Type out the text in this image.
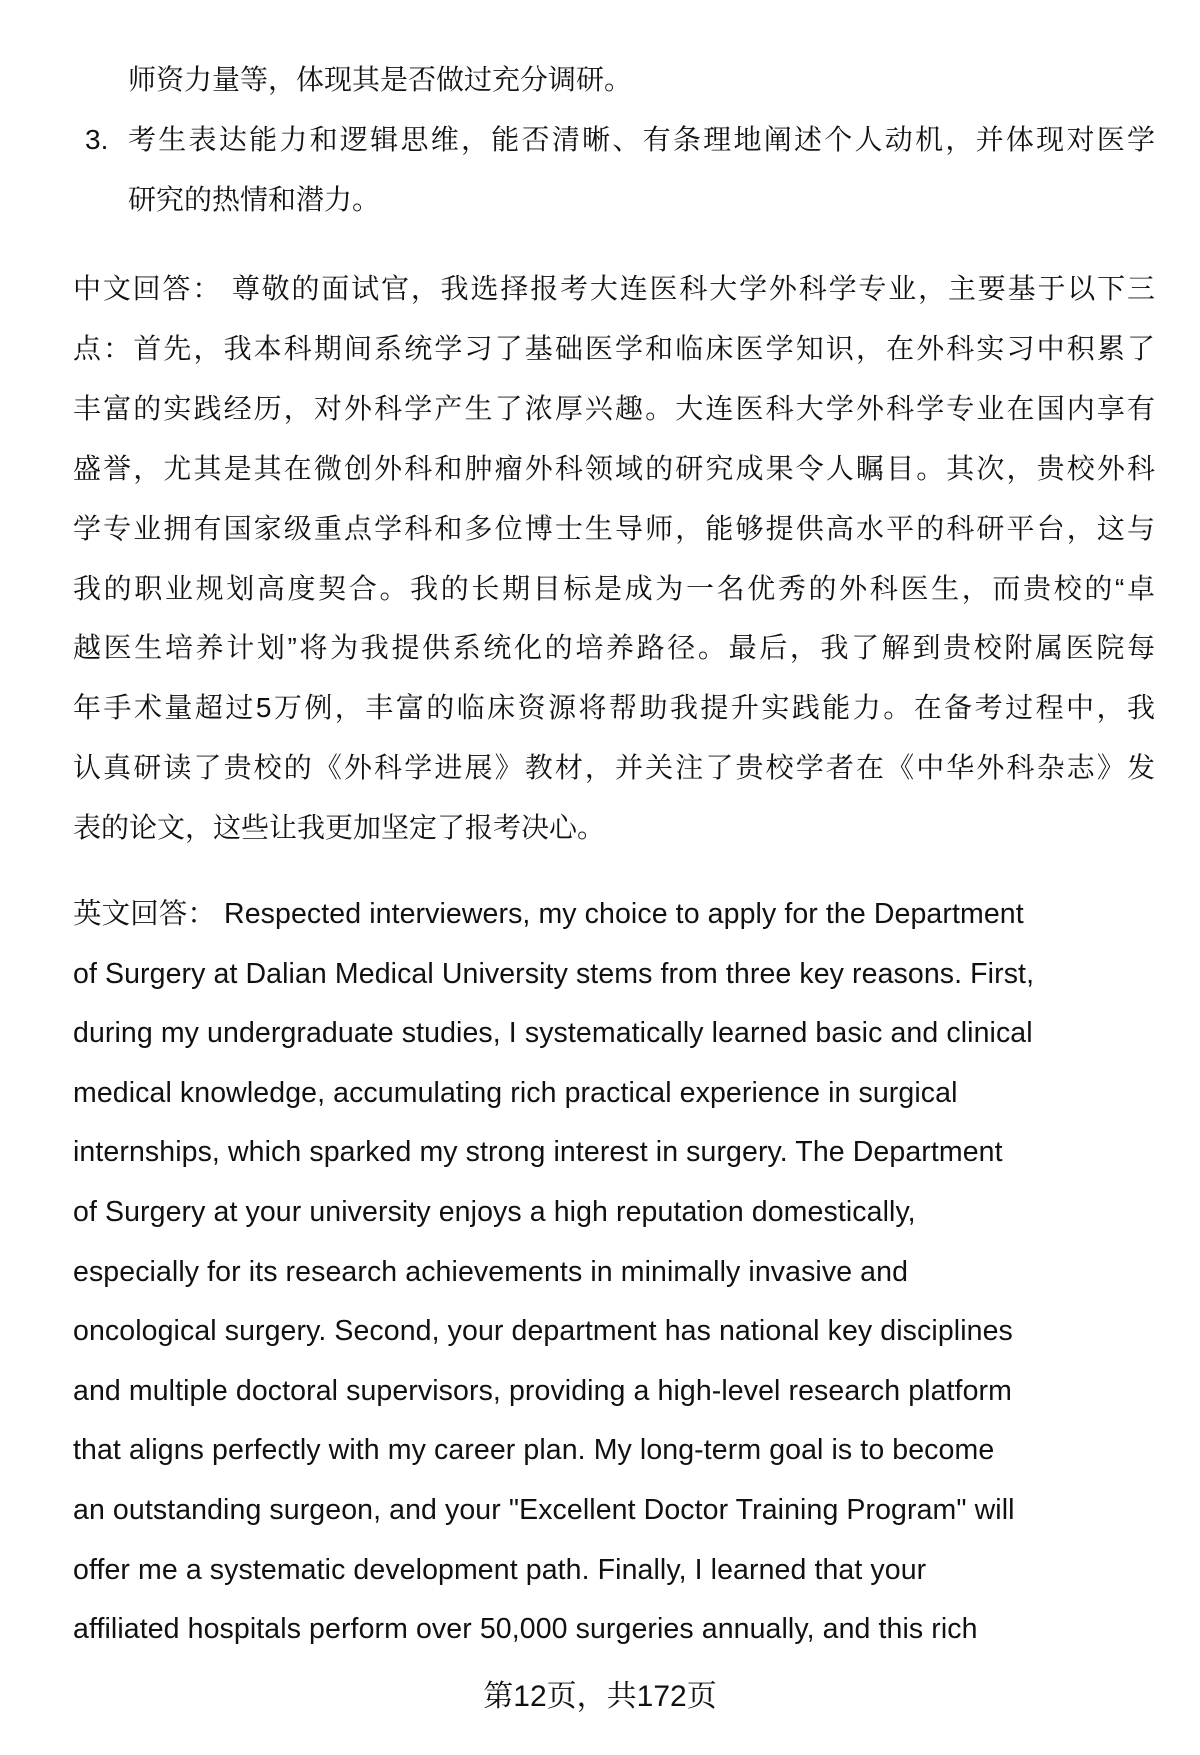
师资力量等，体现其是否做过充分调研。
3. 考生表达能力和逻辑思维，能否清晰、有条理地阐述个人动机，并体现对医学
研究的热情和潜力。
中文回答： 尊敬的面试官，我选择报考大连医科大学外科学专业，主要基于以下三
点：首先，我本科期间系统学习了基础医学和临床医学知识，在外科实习中积累了
丰富的实践经历，对外科学产生了浓厚兴趣。大连医科大学外科学专业在国内享有
盛誉，尤其是其在微创外科和肿瘤外科领域的研究成果令人瞩目。其次，贵校外科
学专业拥有国家级重点学科和多位博士生导师，能够提供高水平的科研平台，这与
我的职业规划高度契合。我的长期目标是成为一名优秀的外科医生，而贵校的“卓
越医生培养计划”将为我提供系统化的培养路径。最后，我了解到贵校附属医院每
年手术量超过5万例，丰富的临床资源将帮助我提升实践能力。在备考过程中，我
认真研读了贵校的《外科学进展》教材，并关注了贵校学者在《中华外科杂志》发
表的论文，这些让我更加坚定了报考决心。
英文回答： Respected interviewers, my choice to apply for the Department
of Surgery at Dalian Medical University stems from three key reasons. First,
during my undergraduate studies, I systematically learned basic and clinical
medical knowledge, accumulating rich practical experience in surgical
internships, which sparked my strong interest in surgery. The Department
of Surgery at your university enjoys a high reputation domestically,
especially for its research achievements in minimally invasive and
oncological surgery. Second, your department has national key disciplines
and multiple doctoral supervisors, providing a high-level research platform
that aligns perfectly with my career plan. My long-term goal is to become
an outstanding surgeon, and your "Excellent Doctor Training Program" will
offer me a systematic development path. Finally, I learned that your
affiliated hospitals perform over 50,000 surgeries annually, and this rich
第12页，共172页
